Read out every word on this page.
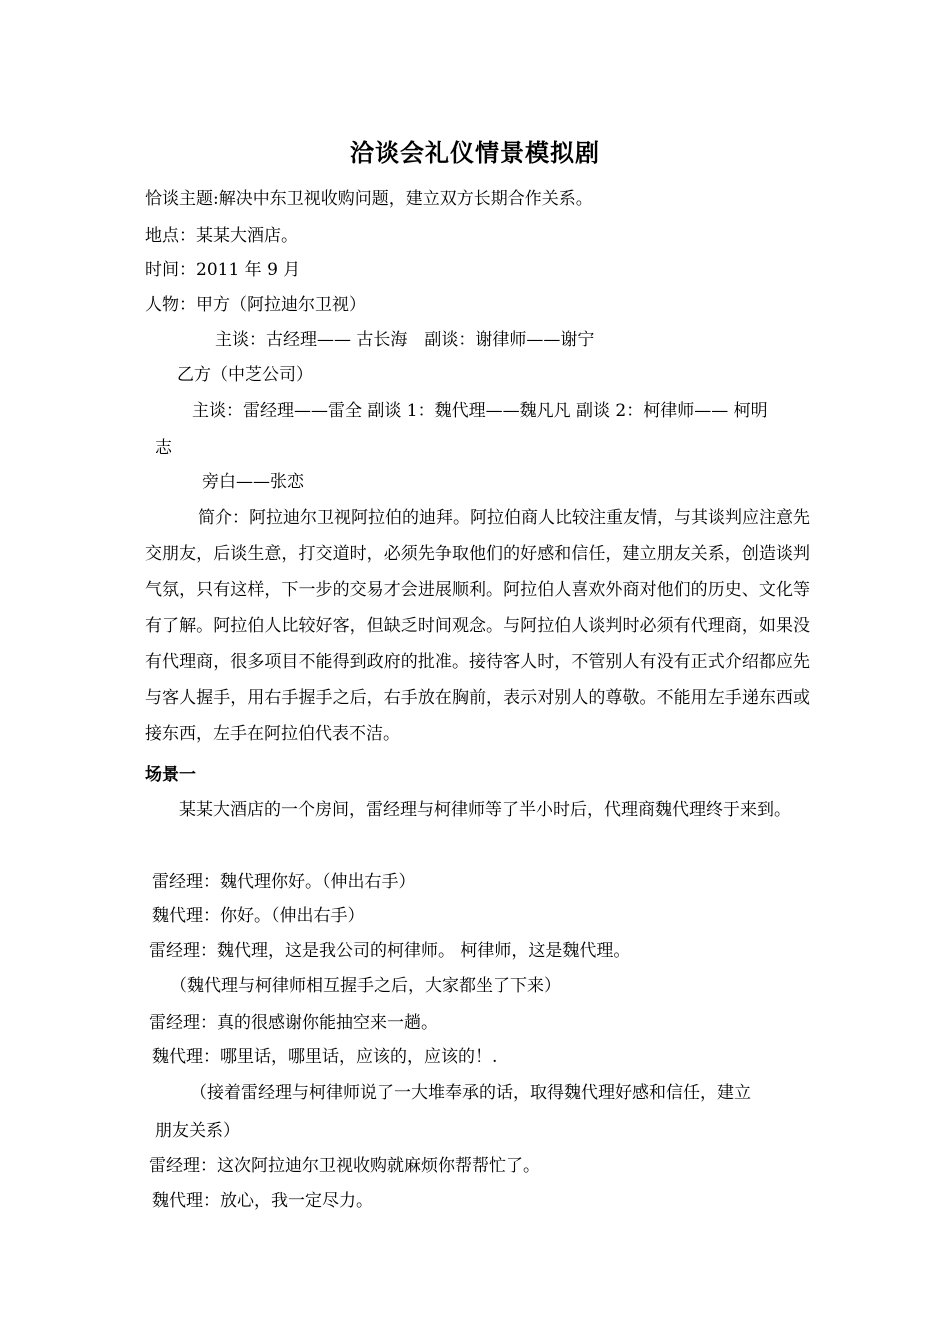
洽谈会礼仪情景模拟剧
恰谈主题:解决中东卫视收购问题，建立双方长期合作关系。
地点：某某大酒店。
时间：2011 年 9 月
人物：甲方（阿拉迪尔卫视）
主谈：古经理—— 古长海　副谈：谢律师——谢宁
乙方（中芝公司）
主谈：雷经理——雷全 副谈 1：魏代理——魏凡凡 副谈 2：柯律师—— 柯明
志
旁白——张恋
简介：阿拉迪尔卫视阿拉伯的迪拜。阿拉伯商人比较注重友情，与其谈判应注意先交朋友，后谈生意，打交道时，必须先争取他们的好感和信任，建立朋友关系，创造谈判气氛，只有这样，下一步的交易才会进展顺利。阿拉伯人喜欢外商对他们的历史、文化等有了解。阿拉伯人比较好客，但缺乏时间观念。与阿拉伯人谈判时必须有代理商，如果没有代理商，很多项目不能得到政府的批准。接待客人时，不管别人有没有正式介绍都应先与客人握手，用右手握手之后，右手放在胸前，表示对别人的尊敬。不能用左手递东西或接东西，左手在阿拉伯代表不洁。
场景一
某某大酒店的一个房间，雷经理与柯律师等了半小时后，代理商魏代理终于来到。
雷经理：魏代理你好。（伸出右手）
魏代理：你好。（伸出右手）
雷经理：魏代理，这是我公司的柯律师。 柯律师，这是魏代理。
（魏代理与柯律师相互握手之后，大家都坐了下来）
雷经理：真的很感谢你能抽空来一趟。
魏代理：哪里话，哪里话，应该的，应该的！.
（接着雷经理与柯律师说了一大堆奉承的话，取得魏代理好感和信任，建立
朋友关系）
雷经理：这次阿拉迪尔卫视收购就麻烦你帮帮忙了。
魏代理：放心，我一定尽力。
